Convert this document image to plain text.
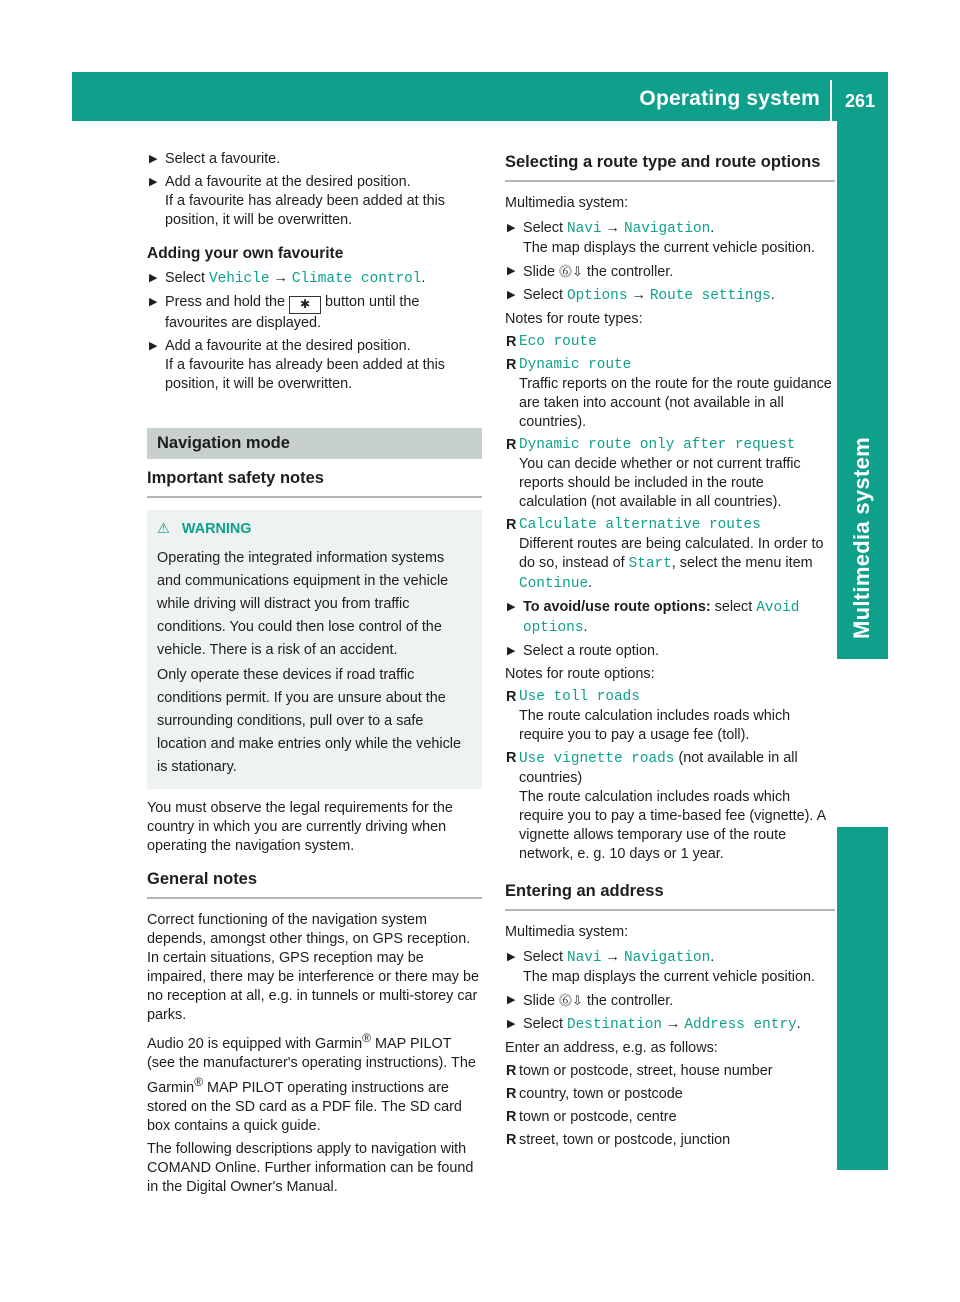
Operating system	261
Multimedia system
▶ Select a favourite.

▶ Add a favourite at the desired position.

If a favourite has already been added at this position, it will be overwritten.

Adding your own favourite
▶ Select Vehicle → Climate control.

▶ Press and hold the ✱ button until the favourites are displayed.

▶ Add a favourite at the desired position.

If a favourite has already been added at this position, it will be overwritten.

Navigation mode
Important safety notes
⚠ WARNING

Operating the integrated information systems and communications equipment in the vehicle while driving will distract you from traffic conditions. You could then lose control of the vehicle. There is a risk of an accident.

Only operate these devices if road traffic conditions permit. If you are unsure about the surrounding conditions, pull over to a safe location and make entries only while the vehicle is stationary.

You must observe the legal requirements for the country in which you are currently driving when operating the navigation system.

General notes

Correct functioning of the navigation system depends, amongst other things, on GPS reception. In certain situations, GPS reception may be impaired, there may be interference or there may be no reception at all, e.g. in tunnels or multi-storey car parks.

Audio 20 is equipped with Garmin® MAP PILOT (see the manufacturer's operating instructions). The Garmin® MAP PILOT operating instructions are stored on the SD card as a PDF file. The SD card box contains a quick guide.

The following descriptions apply to navigation with COMAND Online. Further information can be found in the Digital Owner's Manual.

Selecting a route type and route options

Multimedia system:

▶ Select Navi → Navigation.

The map displays the current vehicle position.

▶ Slide ⓺⇩ the controller.

▶ Select Options → Route settings.

Notes for route types:

R Eco route

R Dynamic route

Traffic reports on the route for the route guidance are taken into account (not available in all countries).

R Dynamic route only after request

You can decide whether or not current traffic reports should be included in the route calculation (not available in all countries).

R Calculate alternative routes

Different routes are being calculated. In order to do so, instead of Start, select the menu item Continue.

▶ To avoid/use route options: select Avoid options.

▶ Select a route option.

Notes for route options:

R Use toll roads

The route calculation includes roads which require you to pay a usage fee (toll).

R Use vignette roads (not available in all countries)

The route calculation includes roads which require you to pay a time-based fee (vignette). A vignette allows temporary use of the route network, e. g. 10 days or 1 year.

Entering an address

Multimedia system:

▶ Select Navi → Navigation.

The map displays the current vehicle position.

▶ Slide ⓺⇩ the controller.

▶ Select Destination → Address entry.

Enter an address, e.g. as follows:

R town or postcode, street, house number

R country, town or postcode

R town or postcode, centre

R street, town or postcode, junction
